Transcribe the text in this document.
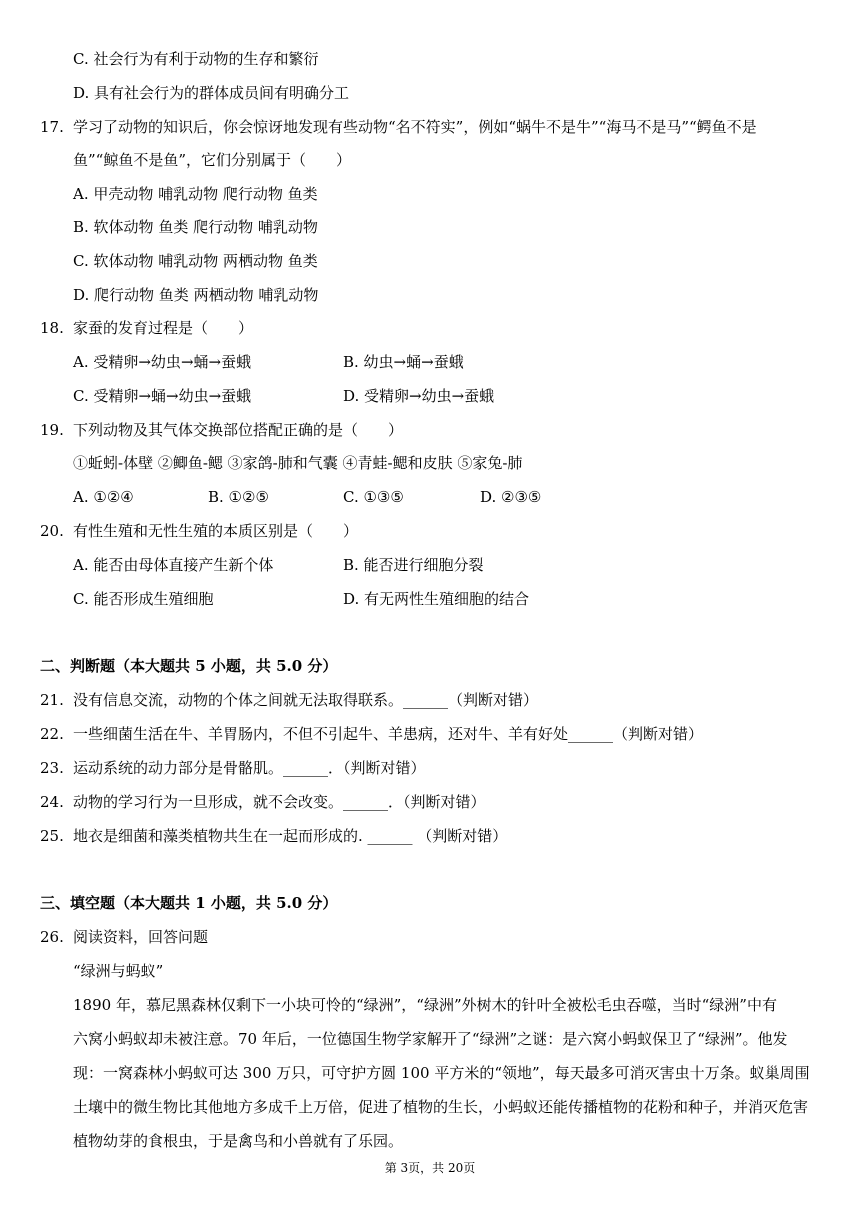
C. 社会行为有利于动物的生存和繁衍
D. 具有社会行为的群体成员间有明确分工
17. 学习了动物的知识后，你会惊讶地发现有些动物“名不符实”，例如“蜗牛不是牛”“海马不是马”“鳄鱼不是
鱼”“鲸鱼不是鱼”，它们分别属于（　　）
A. 甲壳动物 哺乳动物 爬行动物 鱼类
B. 软体动物 鱼类 爬行动物 哺乳动物
C. 软体动物 哺乳动物 两栖动物 鱼类
D. 爬行动物 鱼类 两栖动物 哺乳动物
18. 家蚕的发育过程是（　　）
A. 受精卵→幼虫→蛹→蚕蛾	B. 幼虫→蛹→蚕蛾
C. 受精卵→蛹→幼虫→蚕蛾	D. 受精卵→幼虫→蚕蛾
19. 下列动物及其气体交换部位搭配正确的是（　　）
①蚯蚓-体壁 ②鲫鱼-鳃 ③家鸽-肺和气囊 ④青蛙-鳃和皮肤 ⑤家兔-肺
A. ①②④	B. ①②⑤	C. ①③⑤	D. ②③⑤
20. 有性生殖和无性生殖的本质区别是（　　）
A. 能否由母体直接产生新个体	B. 能否进行细胞分裂
C. 能否形成生殖细胞	D. 有无两性生殖细胞的结合
二、判断题（本大题共 5 小题，共 5.0 分）
21. 没有信息交流，动物的个体之间就无法取得联系。______（判断对错）
22. 一些细菌生活在牛、羊胃肠内，不但不引起牛、羊患病，还对牛、羊有好处______（判断对错）
23. 运动系统的动力部分是骨骼肌。______．（判断对错）
24. 动物的学习行为一旦形成，就不会改变。______．（判断对错）
25. 地衣是细菌和藻类植物共生在一起而形成的. ______ （判断对错）
三、填空题（本大题共 1 小题，共 5.0 分）
26. 阅读资料，回答问题
“绿洲与蚂蚁”
1890 年，慕尼黑森林仅剩下一小块可怜的“绿洲”，“绿洲”外树木的针叶全被松毛虫吞噬，当时“绿洲”中有
六窝小蚂蚁却未被注意。70 年后，一位德国生物学家解开了“绿洲”之谜：是六窝小蚂蚁保卫了“绿洲”。他发
现：一窝森林小蚂蚁可达 300 万只，可守护方圆 100 平方米的“领地”，每天最多可消灭害虫十万条。蚁巢周围
土壤中的微生物比其他地方多成千上万倍，促进了植物的生长，小蚂蚁还能传播植物的花粉和种子，并消灭危害
植物幼芽的食根虫，于是禽鸟和小兽就有了乐园。
第 3页，共 20页
